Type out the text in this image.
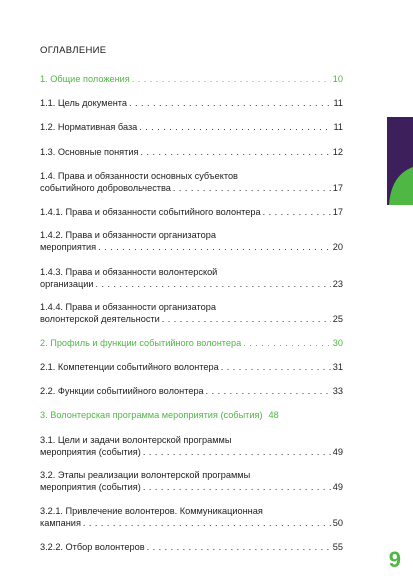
ОГЛАВЛЕНИЕ
1. Общие положения . . .	10
1.1. Цель документа . . .	11
1.2. Нормативная база . . .	11
1.3. Основные понятия . . .	12
1.4. Права и обязанности основных субъектов
событийного добровольчества . . .	17
1.4.1. Права и обязанности событийного волонтера . . .	17
1.4.2. Права и обязанности организатора
мероприятия . . .	20
1.4.3. Права и обязанности волонтерской
организации . . .	23
1.4.4. Права и обязанности организатора
волонтерской деятельности . . .	25
2. Профиль и функции событийного волонтера . . .	30
2.1. Компетенции событийного волонтера . . .	31
2.2. Функции событиийного волонтера . . .	33
3. Волонтерская программа мероприятия (события) 48
3.1. Цели и задачи волонтерской программы
мероприятия (события) . . .	49
3.2. Этапы реализации волонтерской программы
мероприятия (события) . . .	49
3.2.1. Привлечение волонтеров. Коммуникационная
кампания . . .	50
3.2.2. Отбор волонтеров . . .	55 9
